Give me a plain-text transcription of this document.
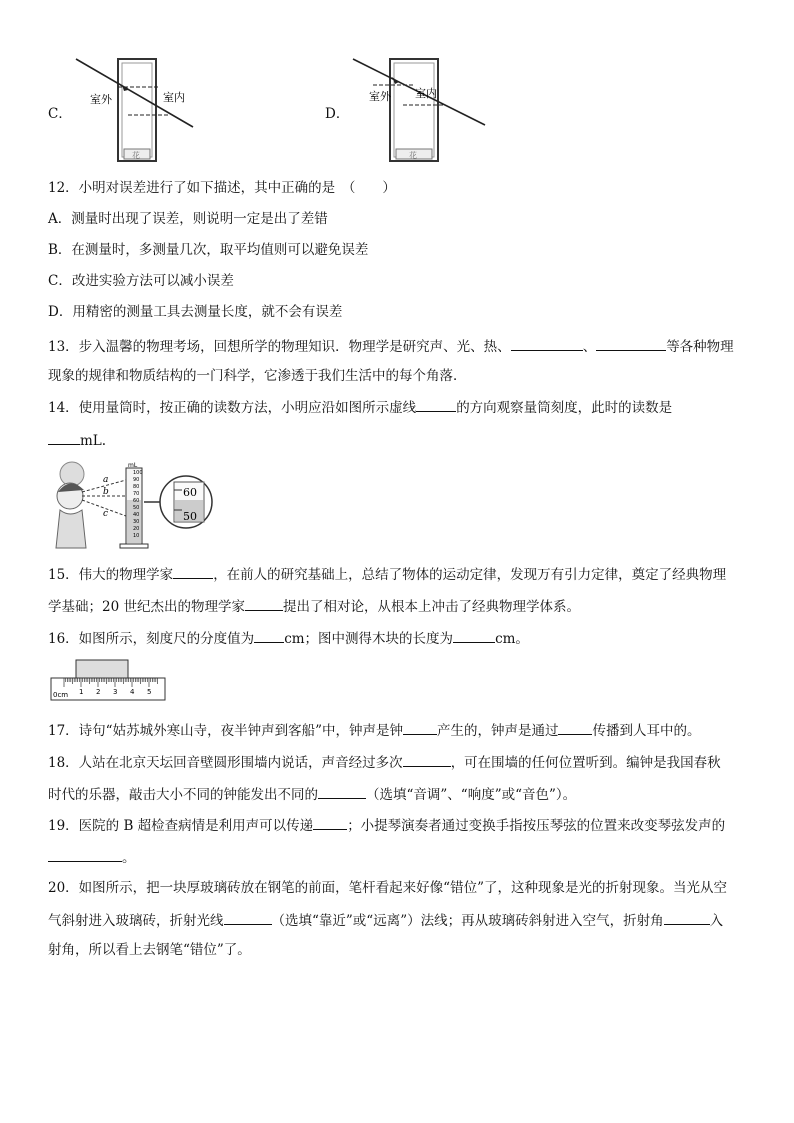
C．
室外	室内
花
D．
室外 室内
花
12．小明对误差进行了如下描述，其中正确的是　（　　）
A．测量时出现了误差，则说明一定是出了差错
B．在测量时，多测量几次，取平均值则可以避免误差
C．改进实验方法可以减小误差
D．用精密的测量工具去测量长度，就不会有误差
13．步入温馨的物理考场，回想所学的物理知识．物理学是研究声、光、热、	、	等各种物理
现象的规律和物质结构的一门科学，它渗透于我们生活中的每个角落．
14．使用量筒时，按正确的读数方法，小明应沿如图所示虚线	的方向观察量筒刻度，此时的读数是
mL.
a
b
c
mL
100
90
80
70
60
50
40
30
20
10
60
50
15．伟大的物理学家	，在前人的研究基础上，总结了物体的运动定律，发现万有引力定律，奠定了经典物理
学基础；20 世纪杰出的物理学家	提出了相对论，从根本上冲击了经典物理学体系。
16．如图所示，刻度尺的分度值为 cm；图中测得木块的长度为	cm。
0cm 1 2 3 4 5
17．诗句“姑苏城外寒山寺，夜半钟声到客船”中，钟声是钟	产生的，钟声是通过	传播到人耳中的。
18．人站在北京天坛回音壁圆形围墙内说话，声音经过多次	，可在围墙的任何位置听到。编钟是我国春秋
时代的乐器，敲击大小不同的钟能发出不同的	（选填“音调”、“响度”或“音色”）。
19．医院的 B 超检查病情是利用声可以传递	；小提琴演奏者通过变换手指按压琴弦的位置来改变琴弦发声的
。
20．如图所示，把一块厚玻璃砖放在钢笔的前面，笔杆看起来好像“错位”了，这种现象是光的折射现象。当光从空
气斜射进入玻璃砖，折射光线	（选填“靠近”或“远离”）法线；再从玻璃砖斜射进入空气，折射角	入
射角，所以看上去钢笔“错位”了。
